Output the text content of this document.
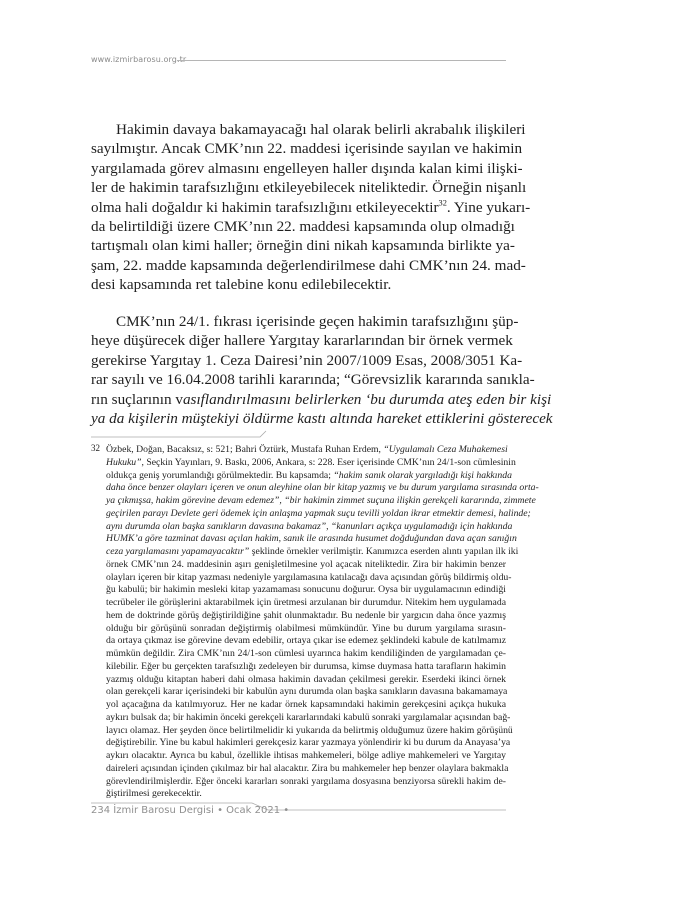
www.izmirbarosu.org.tr
Hakimin davaya bakamayacağı hal olarak belirli akrabalık ilişkileri
sayılmıştır. Ancak CMK’nın 22. maddesi içerisinde sayılan ve hakimin
yargılamada görev almasını engelleyen haller dışında kalan kimi ilişki-
ler de hakimin tarafsızlığını etkileyebilecek niteliktedir. Örneğin nişanlı
olma hali doğaldır ki hakimin tarafsızlığını etkileyecektir$^{32}$. Yine yukarı-
da belirtildiği üzere CMK’nın 22. maddesi kapsamında olup olmadığı
tartışmalı olan kimi haller; örneğin dini nikah kapsamında birlikte ya-
şam, 22. madde kapsamında değerlendirilmese dahi CMK’nın 24. mad-
desi kapsamında ret talebine konu edilebilecektir.
CMK’nın 24/1. fıkrası içerisinde geçen hakimin tarafsızlığını şüp-
heye düşürecek diğer hallere Yargıtay kararlarından bir örnek vermek
gerekirse Yargıtay 1. Ceza Dairesi’nin 2007/1009 Esas, 2008/3051 Ka-
rar sayılı ve 16.04.2008 tarihli kararında; “Görevsizlik kararında sanıkla-
rın suçlarının vasıflandırılmasını belirlerken ‘bu durumda ateş eden bir kişi
ya da kişilerin müştekiyi öldürme kastı altında hareket ettiklerini gösterecek
32 Özbek, Doğan, Bacaksız, s: 521; Bahri Öztürk, Mustafa Ruhan Erdem, “Uygulamalı Ceza Muhakemesi
Hukuku”, Seçkin Yayınları, 9. Baskı, 2006, Ankara, s: 228. Eser içerisinde CMK’nın 24/1-son cümlesinin
oldukça geniş yorumlandığı görülmektedir. Bu kapsamda; “hakim sanık olarak yargıladığı kişi hakkında
daha önce benzer olayları içeren ve onun aleyhine olan bir kitap yazmış ve bu durum yargılama sırasında orta-
ya çıkmışsa, hakim görevine devam edemez”, “bir hakimin zimmet suçuna ilişkin gerekçeli kararında, zimmete
geçirilen parayı Devlete geri ödemek için anlaşma yapmak suçu tevilli yoldan ikrar etmektir demesi, halinde;
aynı durumda olan başka sanıkların davasına bakamaz”, “kanunları açıkça uygulamadığı için hakkında
HUMK’a göre tazminat davası açılan hakim, sanık ile arasında husumet doğduğundan dava açan sanığın
ceza yargılamasını yapamayacaktır” şeklinde örnekler verilmiştir. Kanımızca eserden alıntı yapılan ilk iki
örnek CMK’nın 24. maddesinin aşırı genişletilmesine yol açacak niteliktedir. Zira bir hakimin benzer
olayları içeren bir kitap yazması nedeniyle yargılamasına katılacağı dava açısından görüş bildirmiş oldu-
ğu kabulü; bir hakimin mesleki kitap yazamaması sonucunu doğurur. Oysa bir uygulamacının edindiği
tecrübeler ile görüşlerini aktarabilmek için üretmesi arzulanan bir durumdur. Nitekim hem uygulamada
hem de doktrinde görüş değiştirildiğine şahit olunmaktadır. Bu nedenle bir yargıcın daha önce yazmış
olduğu bir görüşünü sonradan değiştirmiş olabilmesi mümkündür. Yine bu durum yargılama sırasın-
da ortaya çıkmaz ise görevine devam edebilir, ortaya çıkar ise edemez şeklindeki kabule de katılmamız
mümkün değildir. Zira CMK’nın 24/1-son cümlesi uyarınca hakim kendiliğinden de yargılamadan çe-
kilebilir. Eğer bu gerçekten tarafsızlığı zedeleyen bir durumsa, kimse duymasa hatta tarafların hakimin
yazmış olduğu kitaptan haberi dahi olmasa hakimin davadan çekilmesi gerekir. Eserdeki ikinci örnek
olan gerekçeli karar içerisindeki bir kabulün aynı durumda olan başka sanıkların davasına bakamamaya
yol açacağına da katılmıyoruz. Her ne kadar örnek kapsamındaki hakimin gerekçesini açıkça hukuka
aykırı bulsak da; bir hakimin önceki gerekçeli kararlarındaki kabulü sonraki yargılamalar açısından bağ-
layıcı olamaz. Her şeyden önce belirtilmelidir ki yukarıda da belirtmiş olduğumuz üzere hakim görüşünü
değiştirebilir. Yine bu kabul hakimleri gerekçesiz karar yazmaya yönlendirir ki bu durum da Anayasa’ya
aykırı olacaktır. Ayrıca bu kabul, özellikle ihtisas mahkemeleri, bölge adliye mahkemeleri ve Yargıtay
daireleri açısından içinden çıkılmaz bir hal alacaktır. Zira bu mahkemeler hep benzer olaylara bakmakla
görevlendirilmişlerdir. Eğer önceki kararları sonraki yargılama dosyasına benziyorsa sürekli hakim de-
ğiştirilmesi gerekecektir.
234 İzmir Barosu Dergisi • Ocak 2021 •
